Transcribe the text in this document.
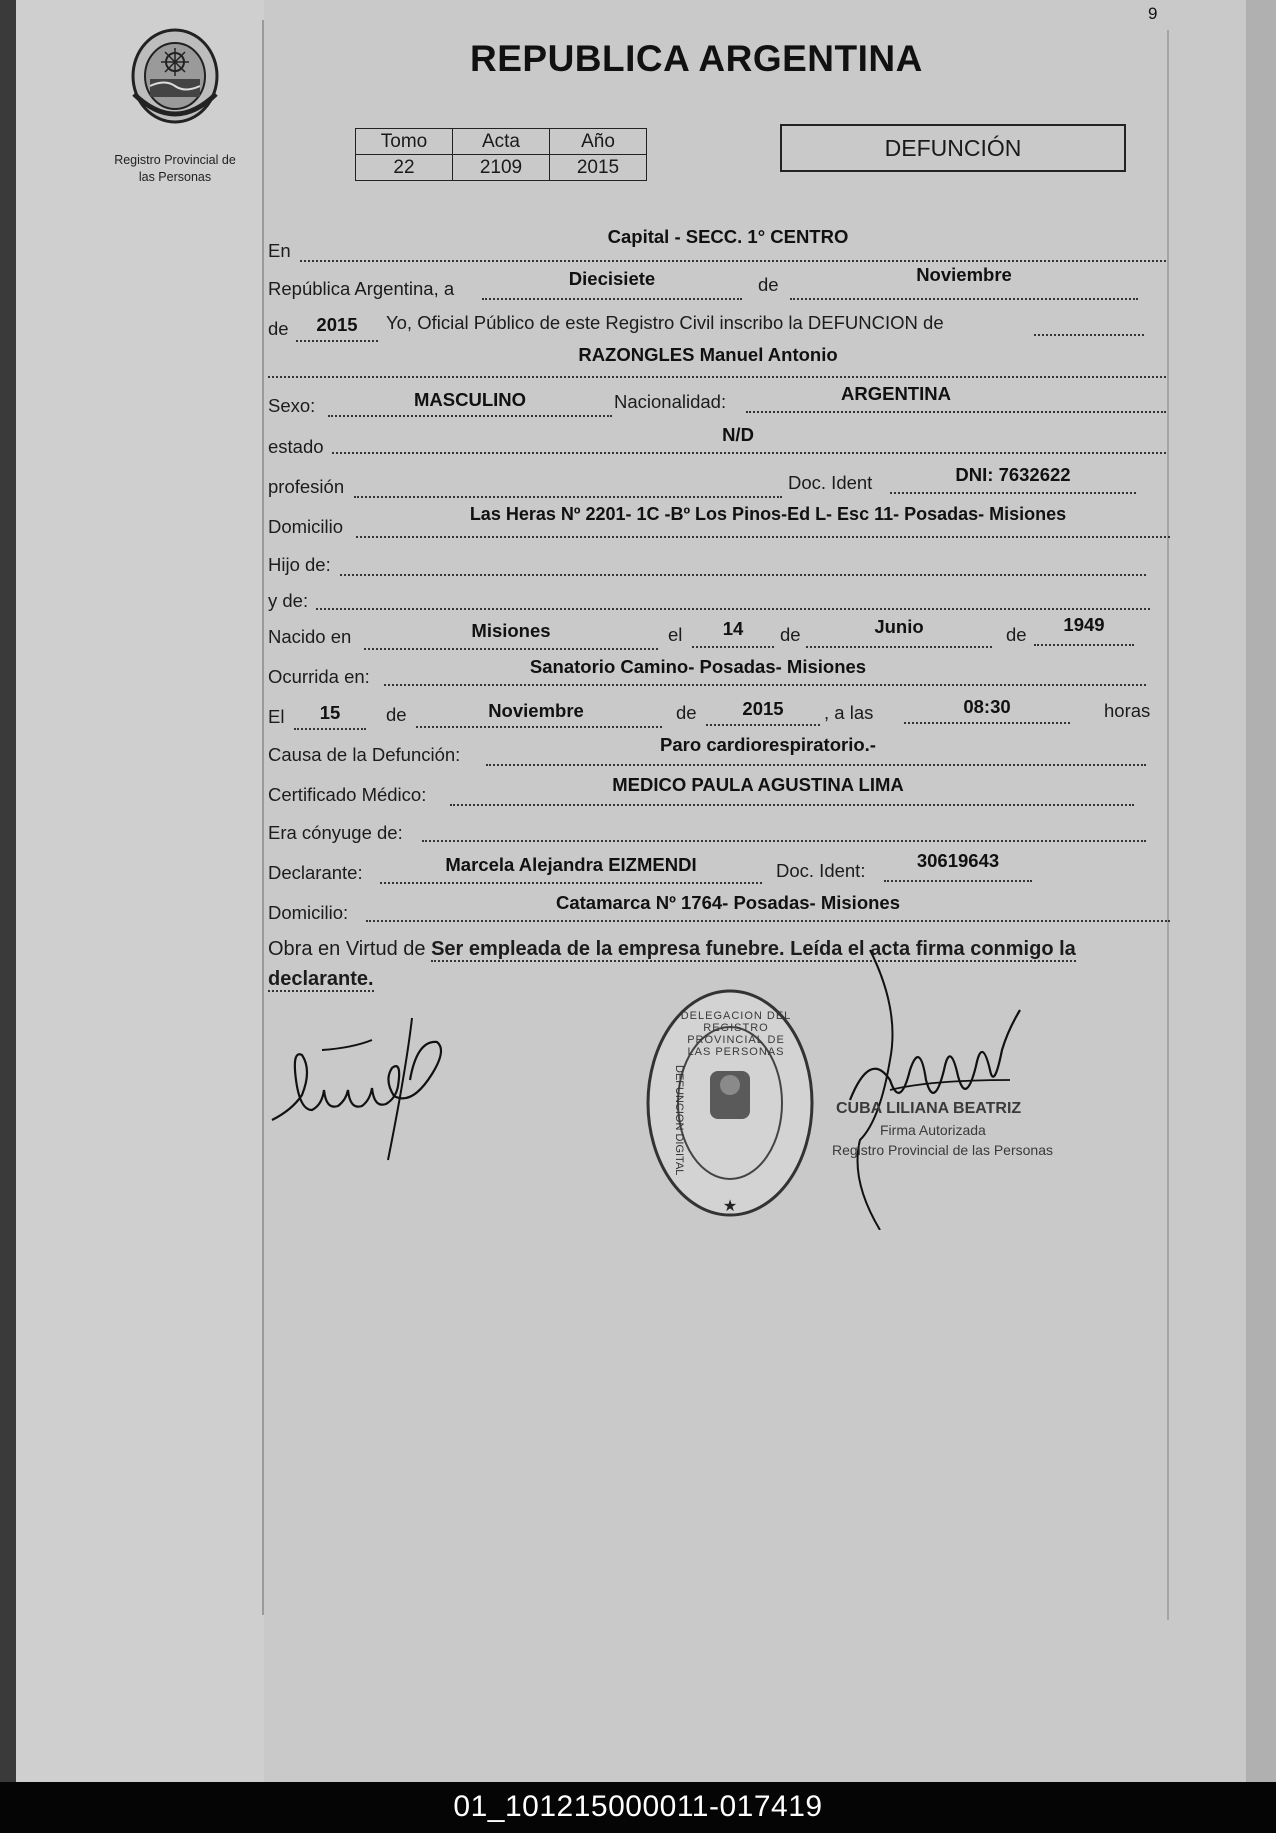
9
Registro Provincial de
las Personas
REPUBLICA ARGENTINA
Tomo	Acta	Año
22	2109	2015
DEFUNCIÓN
En
Capital - SECC. 1° CENTRO
República Argentina, a	Diecisiete	de	Noviembre
de	2015	Yo, Oficial Público de este Registro Civil inscribo la DEFUNCION de
RAZONGLES Manuel Antonio
Sexo:	MASCULINO	Nacionalidad:	ARGENTINA
estado
N/D
profesión	Doc. Ident	DNI: 7632622
Domicilio
Las Heras Nº 2201- 1C -Bº Los Pinos-Ed L- Esc 11- Posadas- Misiones
Hijo de:
y de:
Nacido en	Misiones	el	14	de	Junio	de	1949
Ocurrida en:	Sanatorio Camino- Posadas- Misiones
El	15	de	Noviembre	de	2015	, a las	08:30	horas
Causa de la Defunción:	Paro cardiorespiratorio.-
Certificado Médico:	MEDICO PAULA AGUSTINA LIMA
Era cónyuge de:
Declarante:	Marcela Alejandra EIZMENDI	Doc. Ident:	30619643
Domicilio:	Catamarca Nº 1764- Posadas- Misiones
Obra en Virtud de Ser empleada de la empresa funebre. Leída el acta firma conmigo la
declarante.
★
DEFUNCION DIGITAL
DELEGACION DEL REGISTRO PROVINCIAL DE LAS PERSONAS
CUBA LILIANA BEATRIZ
Firma Autorizada
Registro Provincial de las Personas
01_101215000011-017419
